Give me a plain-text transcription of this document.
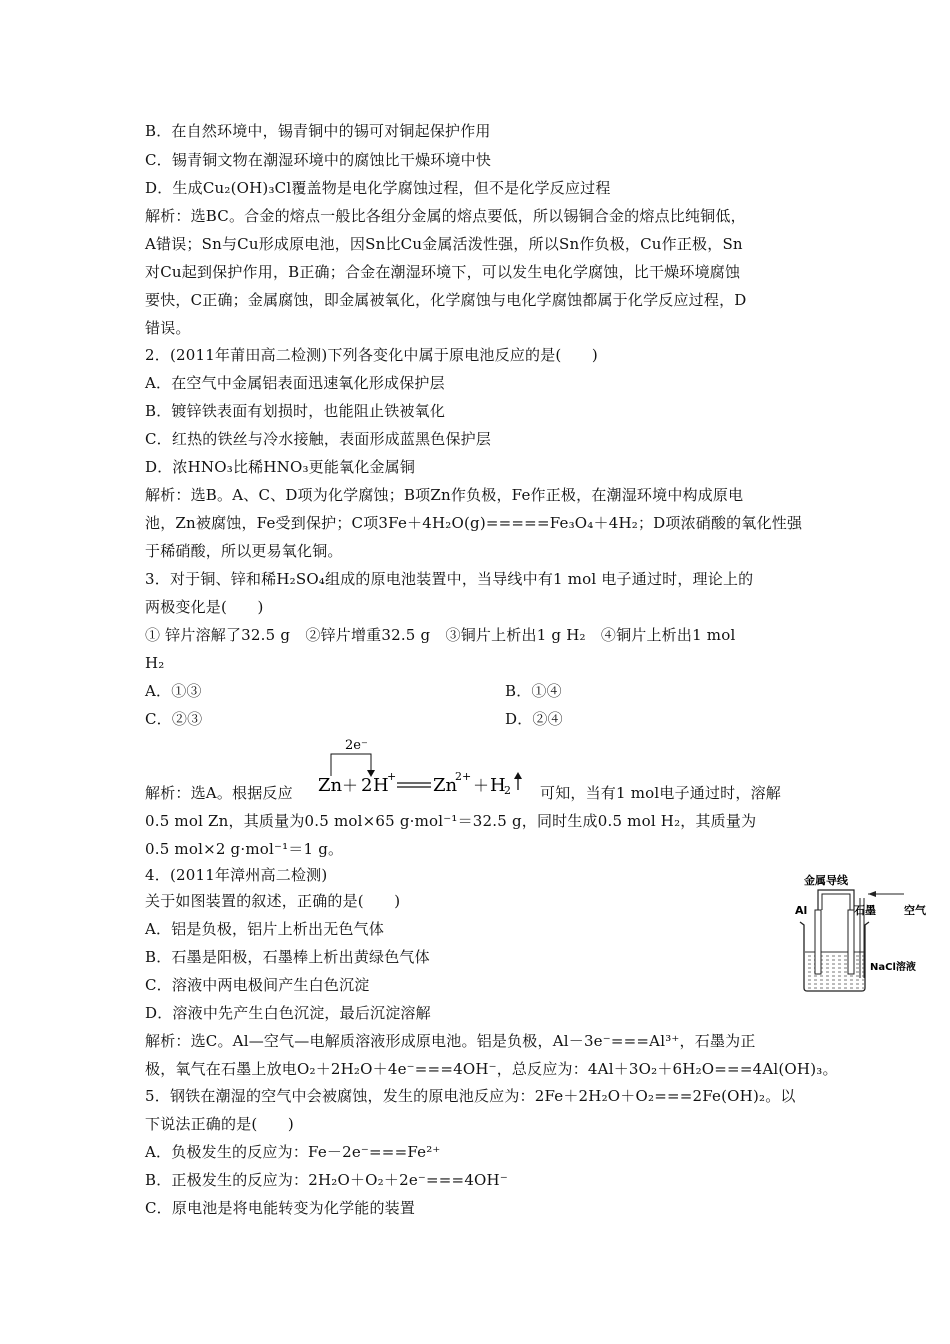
B．在自然环境中，锡青铜中的锡可对铜起保护作用
C．锡青铜文物在潮湿环境中的腐蚀比干燥环境中快
D．生成Cu₂(OH)₃Cl覆盖物是电化学腐蚀过程，但不是化学反应过程
解析：选BC。合金的熔点一般比各组分金属的熔点要低，所以锡铜合金的熔点比纯铜低，
A错误；Sn与Cu形成原电池，因Sn比Cu金属活泼性强，所以Sn作负极，Cu作正极，Sn
对Cu起到保护作用，B正确；合金在潮湿环境下，可以发生电化学腐蚀，比干燥环境腐蚀
要快，C正确；金属腐蚀，即金属被氧化，化学腐蚀与电化学腐蚀都属于化学反应过程，D
错误。
2．(2011年莆田高二检测)下列各变化中属于原电池反应的是(　　)
A．在空气中金属铝表面迅速氧化形成保护层
B．镀锌铁表面有划损时，也能阻止铁被氧化
C．红热的铁丝与冷水接触，表面形成蓝黑色保护层
D．浓HNO₃比稀HNO₃更能氧化金属铜
解析：选B。A、C、D项为化学腐蚀；B项Zn作负极，Fe作正极，在潮湿环境中构成原电
池，Zn被腐蚀，Fe受到保护；C项3Fe＋4H₂O(g)=====Fe₃O₄＋4H₂；D项浓硝酸的氧化性强
于稀硝酸，所以更易氧化铜。
3．对于铜、锌和稀H₂SO₄组成的原电池装置中，当导线中有1 mol 电子通过时，理论上的
两极变化是(　　)
① 锌片溶解了32.5 g　②锌片增重32.5 g　③铜片上析出1 g H₂　④铜片上析出1 mol
H₂
A．①③	B．①④
C．②③	D．②④
解析：选A。根据反应	可知，当有1 mol电子通过时，溶解
2e⁻
Zn ＋ 2 H
+ Zn
2+ ＋ H
2
0.5 mol Zn，其质量为0.5 mol×65 g·mol⁻¹＝32.5 g，同时生成0.5 mol H₂，其质量为
0.5 mol×2 g·mol⁻¹＝1 g。
4．(2011年漳州高二检测)
关于如图装置的叙述，正确的是(　　)
A．铝是负极，铝片上析出无色气体
B．石墨是阳极，石墨棒上析出黄绿色气体
C．溶液中两电极间产生白色沉淀
D．溶液中先产生白色沉淀，最后沉淀溶解
解析：选C。Al—空气—电解质溶液形成原电池。铝是负极，Al－3e⁻===Al³⁺，石墨为正
极，氧气在石墨上放电O₂＋2H₂O＋4e⁻===4OH⁻，总反应为：4Al＋3O₂＋6H₂O===4Al(OH)₃。
5．钢铁在潮湿的空气中会被腐蚀，发生的原电池反应为：2Fe＋2H₂O＋O₂===2Fe(OH)₂。以
下说法正确的是(　　)
A．负极发生的反应为：Fe－2e⁻===Fe²⁺
B．正极发生的反应为：2H₂O＋O₂＋2e⁻===4OH⁻
C．原电池是将电能转变为化学能的装置
金属导线
Al	石墨	空气
NaCl溶液
